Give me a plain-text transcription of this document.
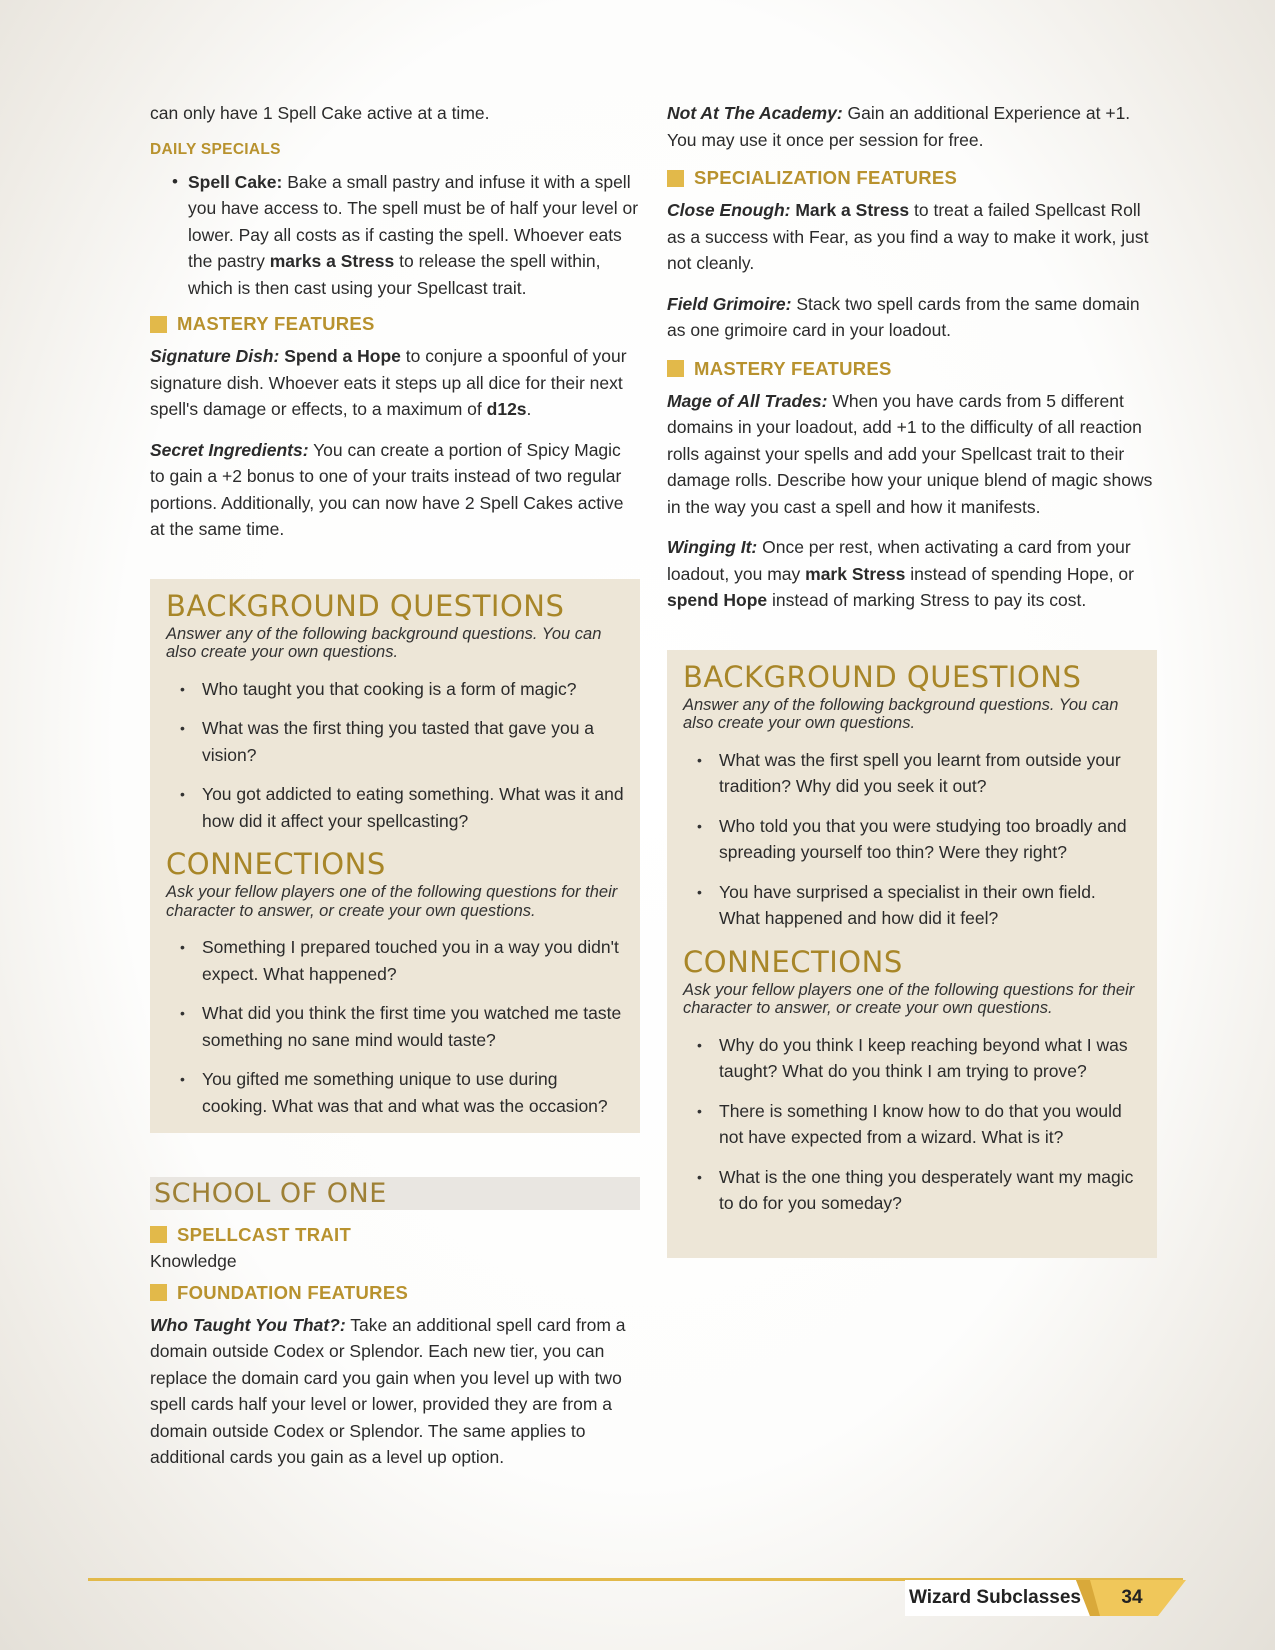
can only have 1 Spell Cake active at a time.

DAILY SPECIALS
• Spell Cake: Bake a small pastry and infuse it with a spell you have access to. The spell must be of half your level or lower. Pay all costs as if casting the spell. Whoever eats the pastry marks a Stress to release the spell within, which is then cast using your Spellcast trait.
MASTERY FEATURES

Signature Dish: Spend a Hope to conjure a spoonful of your signature dish. Whoever eats it steps up all dice for their next spell's damage or effects, to a maximum of d12s.

Secret Ingredients: You can create a portion of Spicy Magic to gain a +2 bonus to one of your traits instead of two regular portions. Additionally, you can now have 2 Spell Cakes active at the same time.

BACKGROUND QUESTIONS
Answer any of the following background questions. You can also create your own questions.
• Who taught you that cooking is a form of magic?
• What was the first thing you tasted that gave you a vision?
• You got addicted to eating something. What was it and how did it affect your spellcasting?
CONNECTIONS
Ask your fellow players one of the following questions for their character to answer, or create your own questions.
• Something I prepared touched you in a way you didn't expect. What happened?
• What did you think the first time you watched me taste something no sane mind would taste?
• You gifted me something unique to use during cooking. What was that and what was the occasion?
SCHOOL OF ONE
SPELLCAST TRAIT
Knowledge
FOUNDATION FEATURES

Who Taught You That?: Take an additional spell card from a domain outside Codex or Splendor. Each new tier, you can replace the domain card you gain when you level up with two spell cards half your level or lower, provided they are from a domain outside Codex or Splendor. The same applies to additional cards you gain as a level up option.

Not At The Academy: Gain an additional Experience at +1. You may use it once per session for free.

SPECIALIZATION FEATURES

Close Enough: Mark a Stress to treat a failed Spellcast Roll as a success with Fear, as you find a way to make it work, just not cleanly.

Field Grimoire: Stack two spell cards from the same domain as one grimoire card in your loadout.

MASTERY FEATURES

Mage of All Trades: When you have cards from 5 different domains in your loadout, add +1 to the difficulty of all reaction rolls against your spells and add your Spellcast trait to their damage rolls. Describe how your unique blend of magic shows in the way you cast a spell and how it manifests.

Winging It: Once per rest, when activating a card from your loadout, you may mark Stress instead of spending Hope, or spend Hope instead of marking Stress to pay its cost.

BACKGROUND QUESTIONS
Answer any of the following background questions. You can also create your own questions.
• What was the first spell you learnt from outside your tradition? Why did you seek it out?
• Who told you that you were studying too broadly and spreading yourself too thin? Were they right?
• You have surprised a specialist in their own field. What happened and how did it feel?
CONNECTIONS
Ask your fellow players one of the following questions for their character to answer, or create your own questions.
• Why do you think I keep reaching beyond what I was taught? What do you think I am trying to prove?
• There is something I know how to do that you would not have expected from a wizard. What is it?
• What is the one thing you desperately want my magic to do for you someday?
Wizard Subclasses	34
